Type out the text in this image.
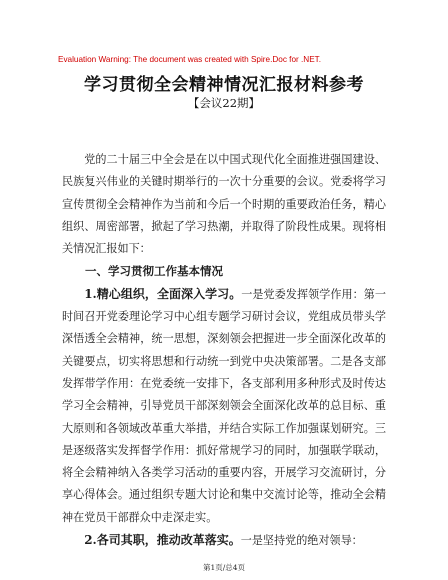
Evaluation Warning: The document was created with Spire.Doc for .NET.
学习贯彻全会精神情况汇报材料参考
【会议22期】

党的二十届三中全会是在以中国式现代化全面推进强国建设、民族复兴伟业的关键时期举行的一次十分重要的会议。党委将学习宣传贯彻全会精神作为当前和今后一个时期的重要政治任务，精心组织、周密部署，掀起了学习热潮，并取得了阶段性成果。现将相关情况汇报如下：

一、学习贯彻工作基本情况

1.精心组织，全面深入学习。一是党委发挥领学作用：第一时间召开党委理论学习中心组专题学习研讨会议，党组成员带头学深悟透全会精神，统一思想，深刻领会把握进一步全面深化改革的关键要点，切实将思想和行动统一到党中央决策部署。二是各支部发挥带学作用：在党委统一安排下，各支部利用多种形式及时传达学习全会精神，引导党员干部深刻领会全面深化改革的总目标、重大原则和各领域改革重大举措，并结合实际工作加强谋划研究。三是逐级落实发挥督学作用：抓好常规学习的同时，加强联学联动，将全会精神纳入各类学习活动的重要内容，开展学习交流研讨，分享心得体会。通过组织专题大讨论和集中交流讨论等，推动全会精神在党员干部群众中走深走实。

2.各司其职，推动改革落实。一是坚持党的绝对领导：

第1页/总4页
